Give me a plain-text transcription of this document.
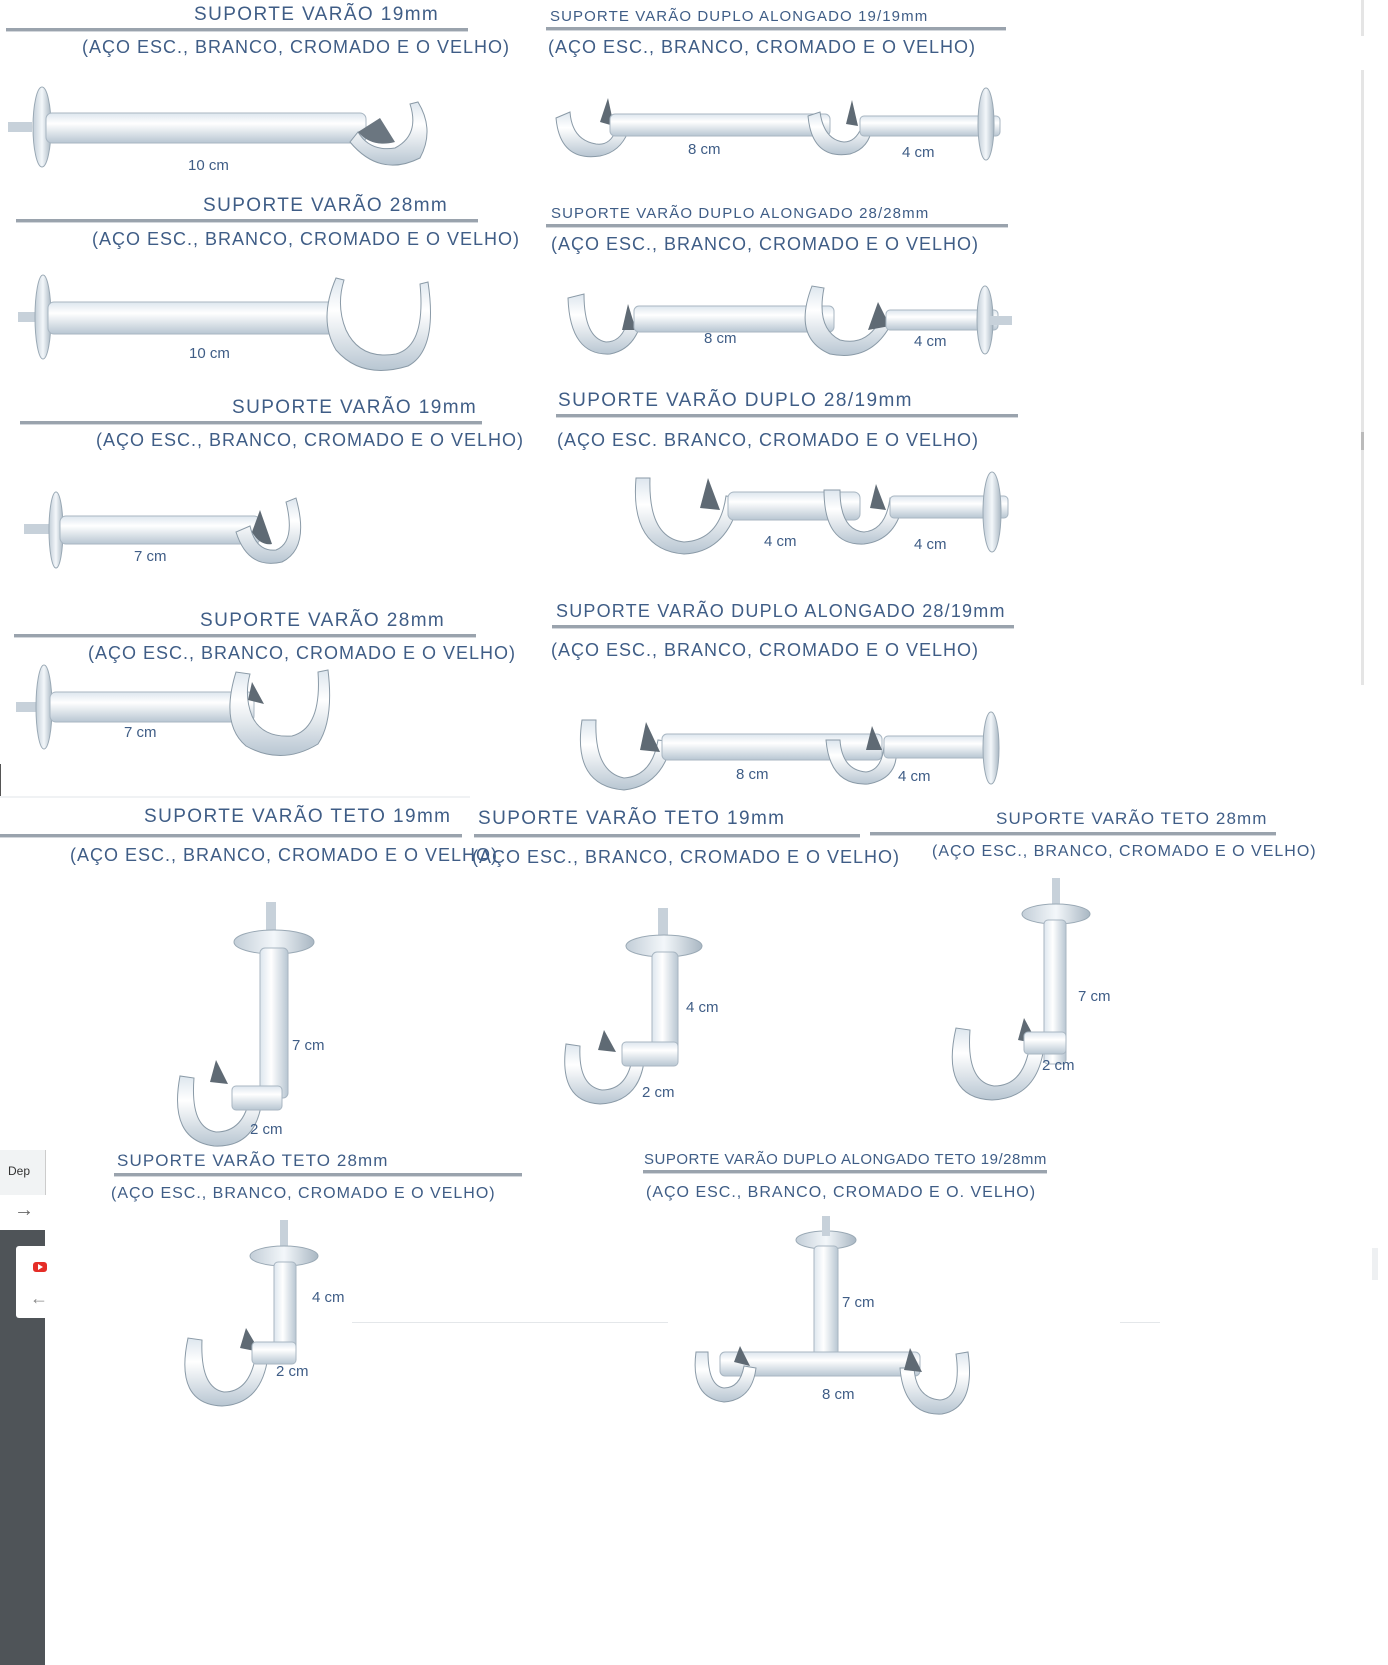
SUPORTE VARÃO 19mm
(AÇO ESC., BRANCO, CROMADO E O VELHO)
10 cm
SUPORTE VARÃO DUPLO ALONGADO 19/19mm
(AÇO ESC., BRANCO, CROMADO E O VELHO)
8 cm	4 cm
SUPORTE VARÃO 28mm
(AÇO ESC., BRANCO, CROMADO E O VELHO)
10 cm
SUPORTE VARÃO DUPLO ALONGADO 28/28mm
(AÇO ESC., BRANCO, CROMADO E O VELHO)
8 cm	4 cm
SUPORTE VARÃO 19mm
(AÇO ESC., BRANCO, CROMADO E O VELHO)
7 cm
SUPORTE VARÃO DUPLO 28/19mm
(AÇO ESC. BRANCO, CROMADO E O VELHO)
4 cm	4 cm
SUPORTE VARÃO 28mm
(AÇO ESC., BRANCO, CROMADO E O VELHO)
7 cm
SUPORTE VARÃO DUPLO ALONGADO 28/19mm
(AÇO ESC., BRANCO, CROMADO E O VELHO)
8 cm	4 cm
SUPORTE VARÃO TETO 19mm
(AÇO ESC., BRANCO, CROMADO E O VELHO)
7 cm
2 cm
SUPORTE VARÃO TETO 19mm
(AÇO ESC., BRANCO, CROMADO E O VELHO)
4 cm
2 cm
SUPORTE VARÃO TETO 28mm
(AÇO ESC., BRANCO, CROMADO E O VELHO)
7 cm
2 cm
SUPORTE VARÃO TETO 28mm
(AÇO ESC., BRANCO, CROMADO E O VELHO)
4 cm
2 cm
SUPORTE VARÃO DUPLO ALONGADO TETO 19/28mm
(AÇO ESC., BRANCO, CROMADO E O. VELHO)
7 cm
8 cm
Dep
→
←
